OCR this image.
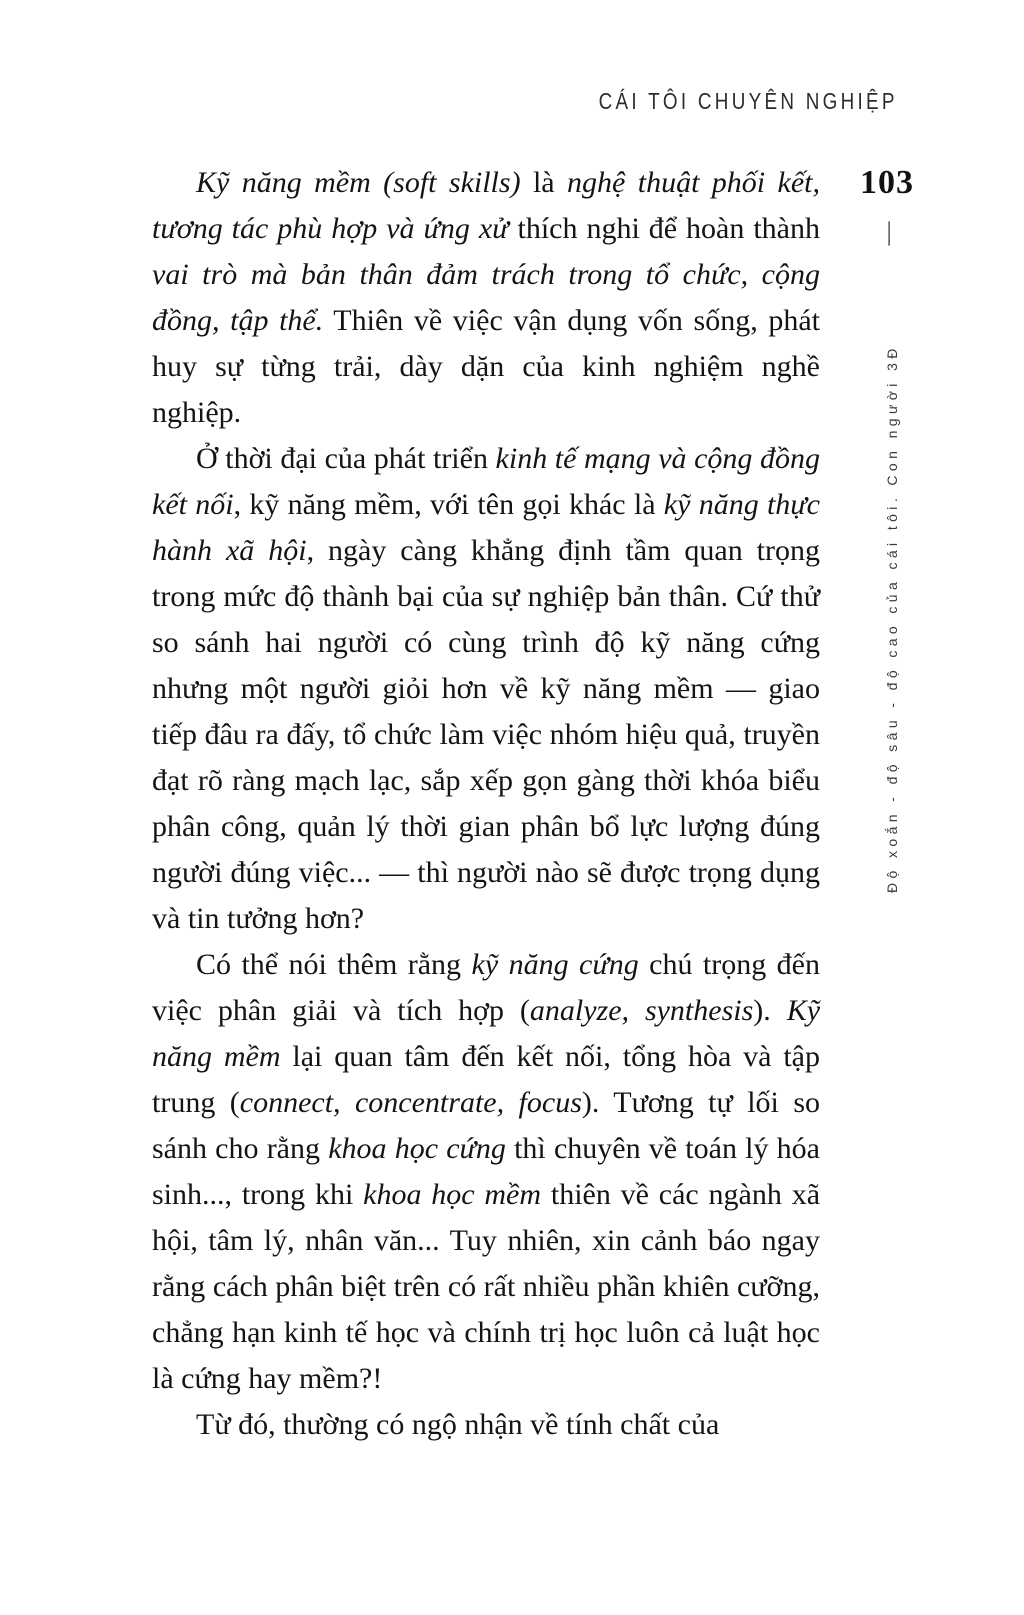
CÁI TÔI CHUYÊN NGHIỆP
103
—
Độ xoắn - độ sâu - độ cao của cái tôi. Con người 3Đ

Kỹ năng mềm (soft skills) là nghệ thuật phối kết, tương tác phù hợp và ứng xử thích nghi để hoàn thành vai trò mà bản thân đảm trách trong tổ chức, cộng đồng, tập thể. Thiên về việc vận dụng vốn sống, phát huy sự từng trải, dày dặn của kinh nghiệm nghề nghiệp.

Ở thời đại của phát triển kinh tế mạng và cộng đồng kết nối, kỹ năng mềm, với tên gọi khác là kỹ năng thực hành xã hội, ngày càng khẳng định tầm quan trọng trong mức độ thành bại của sự nghiệp bản thân. Cứ thử so sánh hai người có cùng trình độ kỹ năng cứng nhưng một người giỏi hơn về kỹ năng mềm — giao tiếp đâu ra đấy, tổ chức làm việc nhóm hiệu quả, truyền đạt rõ ràng mạch lạc, sắp xếp gọn gàng thời khóa biểu phân công, quản lý thời gian phân bổ lực lượng đúng người đúng việc... — thì người nào sẽ được trọng dụng và tin tưởng hơn?

Có thể nói thêm rằng kỹ năng cứng chú trọng đến việc phân giải và tích hợp (analyze, synthesis). Kỹ năng mềm lại quan tâm đến kết nối, tổng hòa và tập trung (connect, concentrate, focus). Tương tự lối so sánh cho rằng khoa học cứng thì chuyên về toán lý hóa sinh..., trong khi khoa học mềm thiên về các ngành xã hội, tâm lý, nhân văn... Tuy nhiên, xin cảnh báo ngay rằng cách phân biệt trên có rất nhiều phần khiên cưỡng, chẳng hạn kinh tế học và chính trị học luôn cả luật học là cứng hay mềm?!

Từ đó, thường có ngộ nhận về tính chất của
